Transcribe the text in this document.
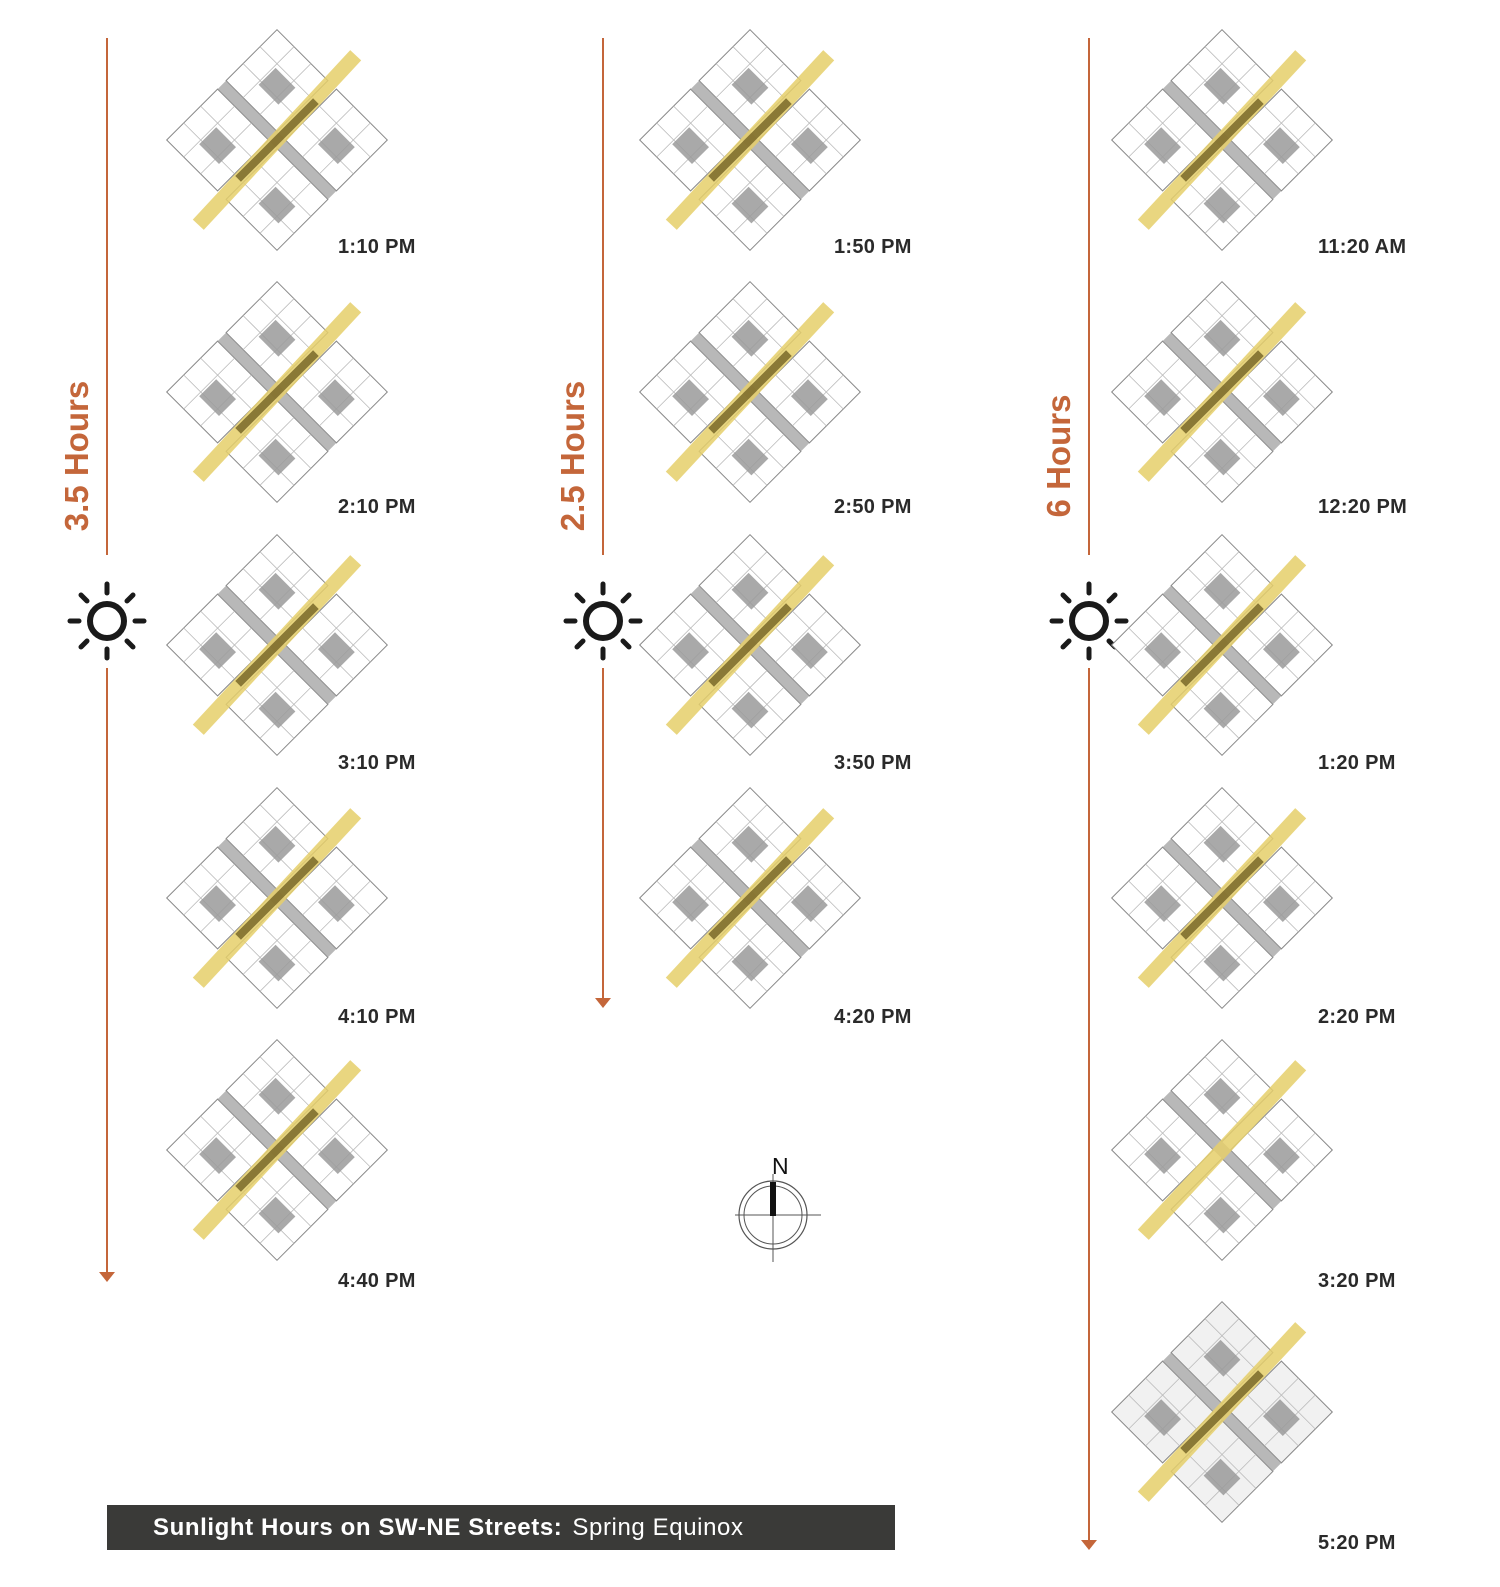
3.5 Hours	2.5 Hours	6 Hours
1:10 PM
2:10 PM
3:10 PM
4:10 PM
4:40 PM
1:50 PM
2:50 PM
3:50 PM
4:20 PM
11:20 AM
12:20 PM
1:20 PM
2:20 PM
3:20 PM
5:20 PM
N
Sunlight Hours on SW-NE Streets: Spring Equinox
